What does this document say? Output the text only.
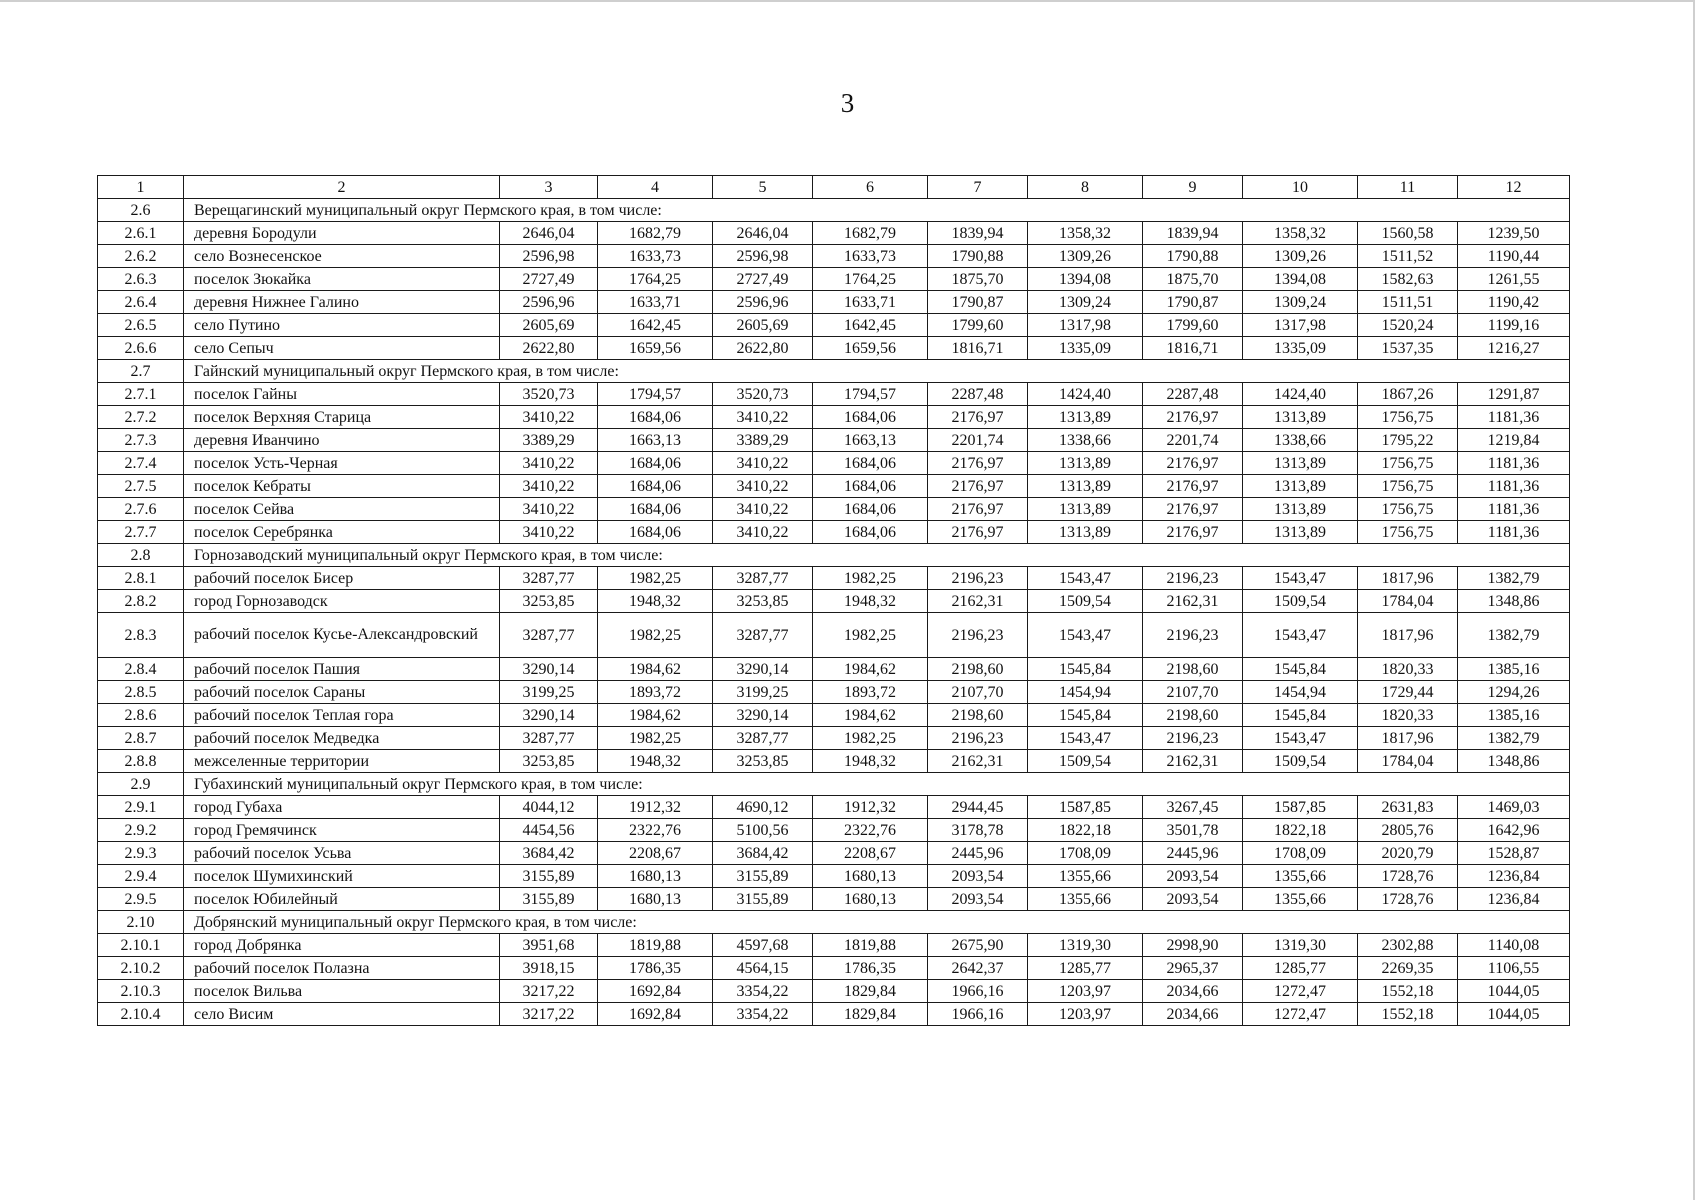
3
1	2	3	4	5	6	7	8	9	10	11	12
2.6	Верещагинский муниципальный округ Пермского края, в том числе:										
2.6.1	деревня Бородули	2646,04	1682,79	2646,04	1682,79	1839,94	1358,32	1839,94	1358,32	1560,58	1239,50
2.6.2	село Вознесенское	2596,98	1633,73	2596,98	1633,73	1790,88	1309,26	1790,88	1309,26	1511,52	1190,44
2.6.3	поселок Зюкайка	2727,49	1764,25	2727,49	1764,25	1875,70	1394,08	1875,70	1394,08	1582,63	1261,55
2.6.4	деревня Нижнее Галино	2596,96	1633,71	2596,96	1633,71	1790,87	1309,24	1790,87	1309,24	1511,51	1190,42
2.6.5	село Путино	2605,69	1642,45	2605,69	1642,45	1799,60	1317,98	1799,60	1317,98	1520,24	1199,16
2.6.6	село Сепыч	2622,80	1659,56	2622,80	1659,56	1816,71	1335,09	1816,71	1335,09	1537,35	1216,27
2.7	Гайнский муниципальный округ Пермского края, в том числе:										
2.7.1	поселок Гайны	3520,73	1794,57	3520,73	1794,57	2287,48	1424,40	2287,48	1424,40	1867,26	1291,87
2.7.2	поселок Верхняя Старица	3410,22	1684,06	3410,22	1684,06	2176,97	1313,89	2176,97	1313,89	1756,75	1181,36
2.7.3	деревня Иванчино	3389,29	1663,13	3389,29	1663,13	2201,74	1338,66	2201,74	1338,66	1795,22	1219,84
2.7.4	поселок Усть-Черная	3410,22	1684,06	3410,22	1684,06	2176,97	1313,89	2176,97	1313,89	1756,75	1181,36
2.7.5	поселок Кебраты	3410,22	1684,06	3410,22	1684,06	2176,97	1313,89	2176,97	1313,89	1756,75	1181,36
2.7.6	поселок Сейва	3410,22	1684,06	3410,22	1684,06	2176,97	1313,89	2176,97	1313,89	1756,75	1181,36
2.7.7	поселок Серебрянка	3410,22	1684,06	3410,22	1684,06	2176,97	1313,89	2176,97	1313,89	1756,75	1181,36
2.8	Горнозаводский муниципальный округ Пермского края, в том числе:										
2.8.1	рабочий поселок Бисер	3287,77	1982,25	3287,77	1982,25	2196,23	1543,47	2196,23	1543,47	1817,96	1382,79
2.8.2	город Горнозаводск	3253,85	1948,32	3253,85	1948,32	2162,31	1509,54	2162,31	1509,54	1784,04	1348,86
2.8.3	рабочий поселок Кусье-Александровский	3287,77	1982,25	3287,77	1982,25	2196,23	1543,47	2196,23	1543,47	1817,96	1382,79
2.8.4	рабочий поселок Пашия	3290,14	1984,62	3290,14	1984,62	2198,60	1545,84	2198,60	1545,84	1820,33	1385,16
2.8.5	рабочий поселок Сараны	3199,25	1893,72	3199,25	1893,72	2107,70	1454,94	2107,70	1454,94	1729,44	1294,26
2.8.6	рабочий поселок Теплая гора	3290,14	1984,62	3290,14	1984,62	2198,60	1545,84	2198,60	1545,84	1820,33	1385,16
2.8.7	рабочий поселок Медведка	3287,77	1982,25	3287,77	1982,25	2196,23	1543,47	2196,23	1543,47	1817,96	1382,79
2.8.8	межселенные территории	3253,85	1948,32	3253,85	1948,32	2162,31	1509,54	2162,31	1509,54	1784,04	1348,86
2.9	Губахинский муниципальный округ Пермского края, в том числе:										
2.9.1	город Губаха	4044,12	1912,32	4690,12	1912,32	2944,45	1587,85	3267,45	1587,85	2631,83	1469,03
2.9.2	город Гремячинск	4454,56	2322,76	5100,56	2322,76	3178,78	1822,18	3501,78	1822,18	2805,76	1642,96
2.9.3	рабочий поселок Усьва	3684,42	2208,67	3684,42	2208,67	2445,96	1708,09	2445,96	1708,09	2020,79	1528,87
2.9.4	поселок Шумихинский	3155,89	1680,13	3155,89	1680,13	2093,54	1355,66	2093,54	1355,66	1728,76	1236,84
2.9.5	поселок Юбилейный	3155,89	1680,13	3155,89	1680,13	2093,54	1355,66	2093,54	1355,66	1728,76	1236,84
2.10	Добрянский муниципальный округ Пермского края, в том числе:										
2.10.1	город Добрянка	3951,68	1819,88	4597,68	1819,88	2675,90	1319,30	2998,90	1319,30	2302,88	1140,08
2.10.2	рабочий поселок Полазна	3918,15	1786,35	4564,15	1786,35	2642,37	1285,77	2965,37	1285,77	2269,35	1106,55
2.10.3	поселок Вильва	3217,22	1692,84	3354,22	1829,84	1966,16	1203,97	2034,66	1272,47	1552,18	1044,05
2.10.4	село Висим	3217,22	1692,84	3354,22	1829,84	1966,16	1203,97	2034,66	1272,47	1552,18	1044,05
